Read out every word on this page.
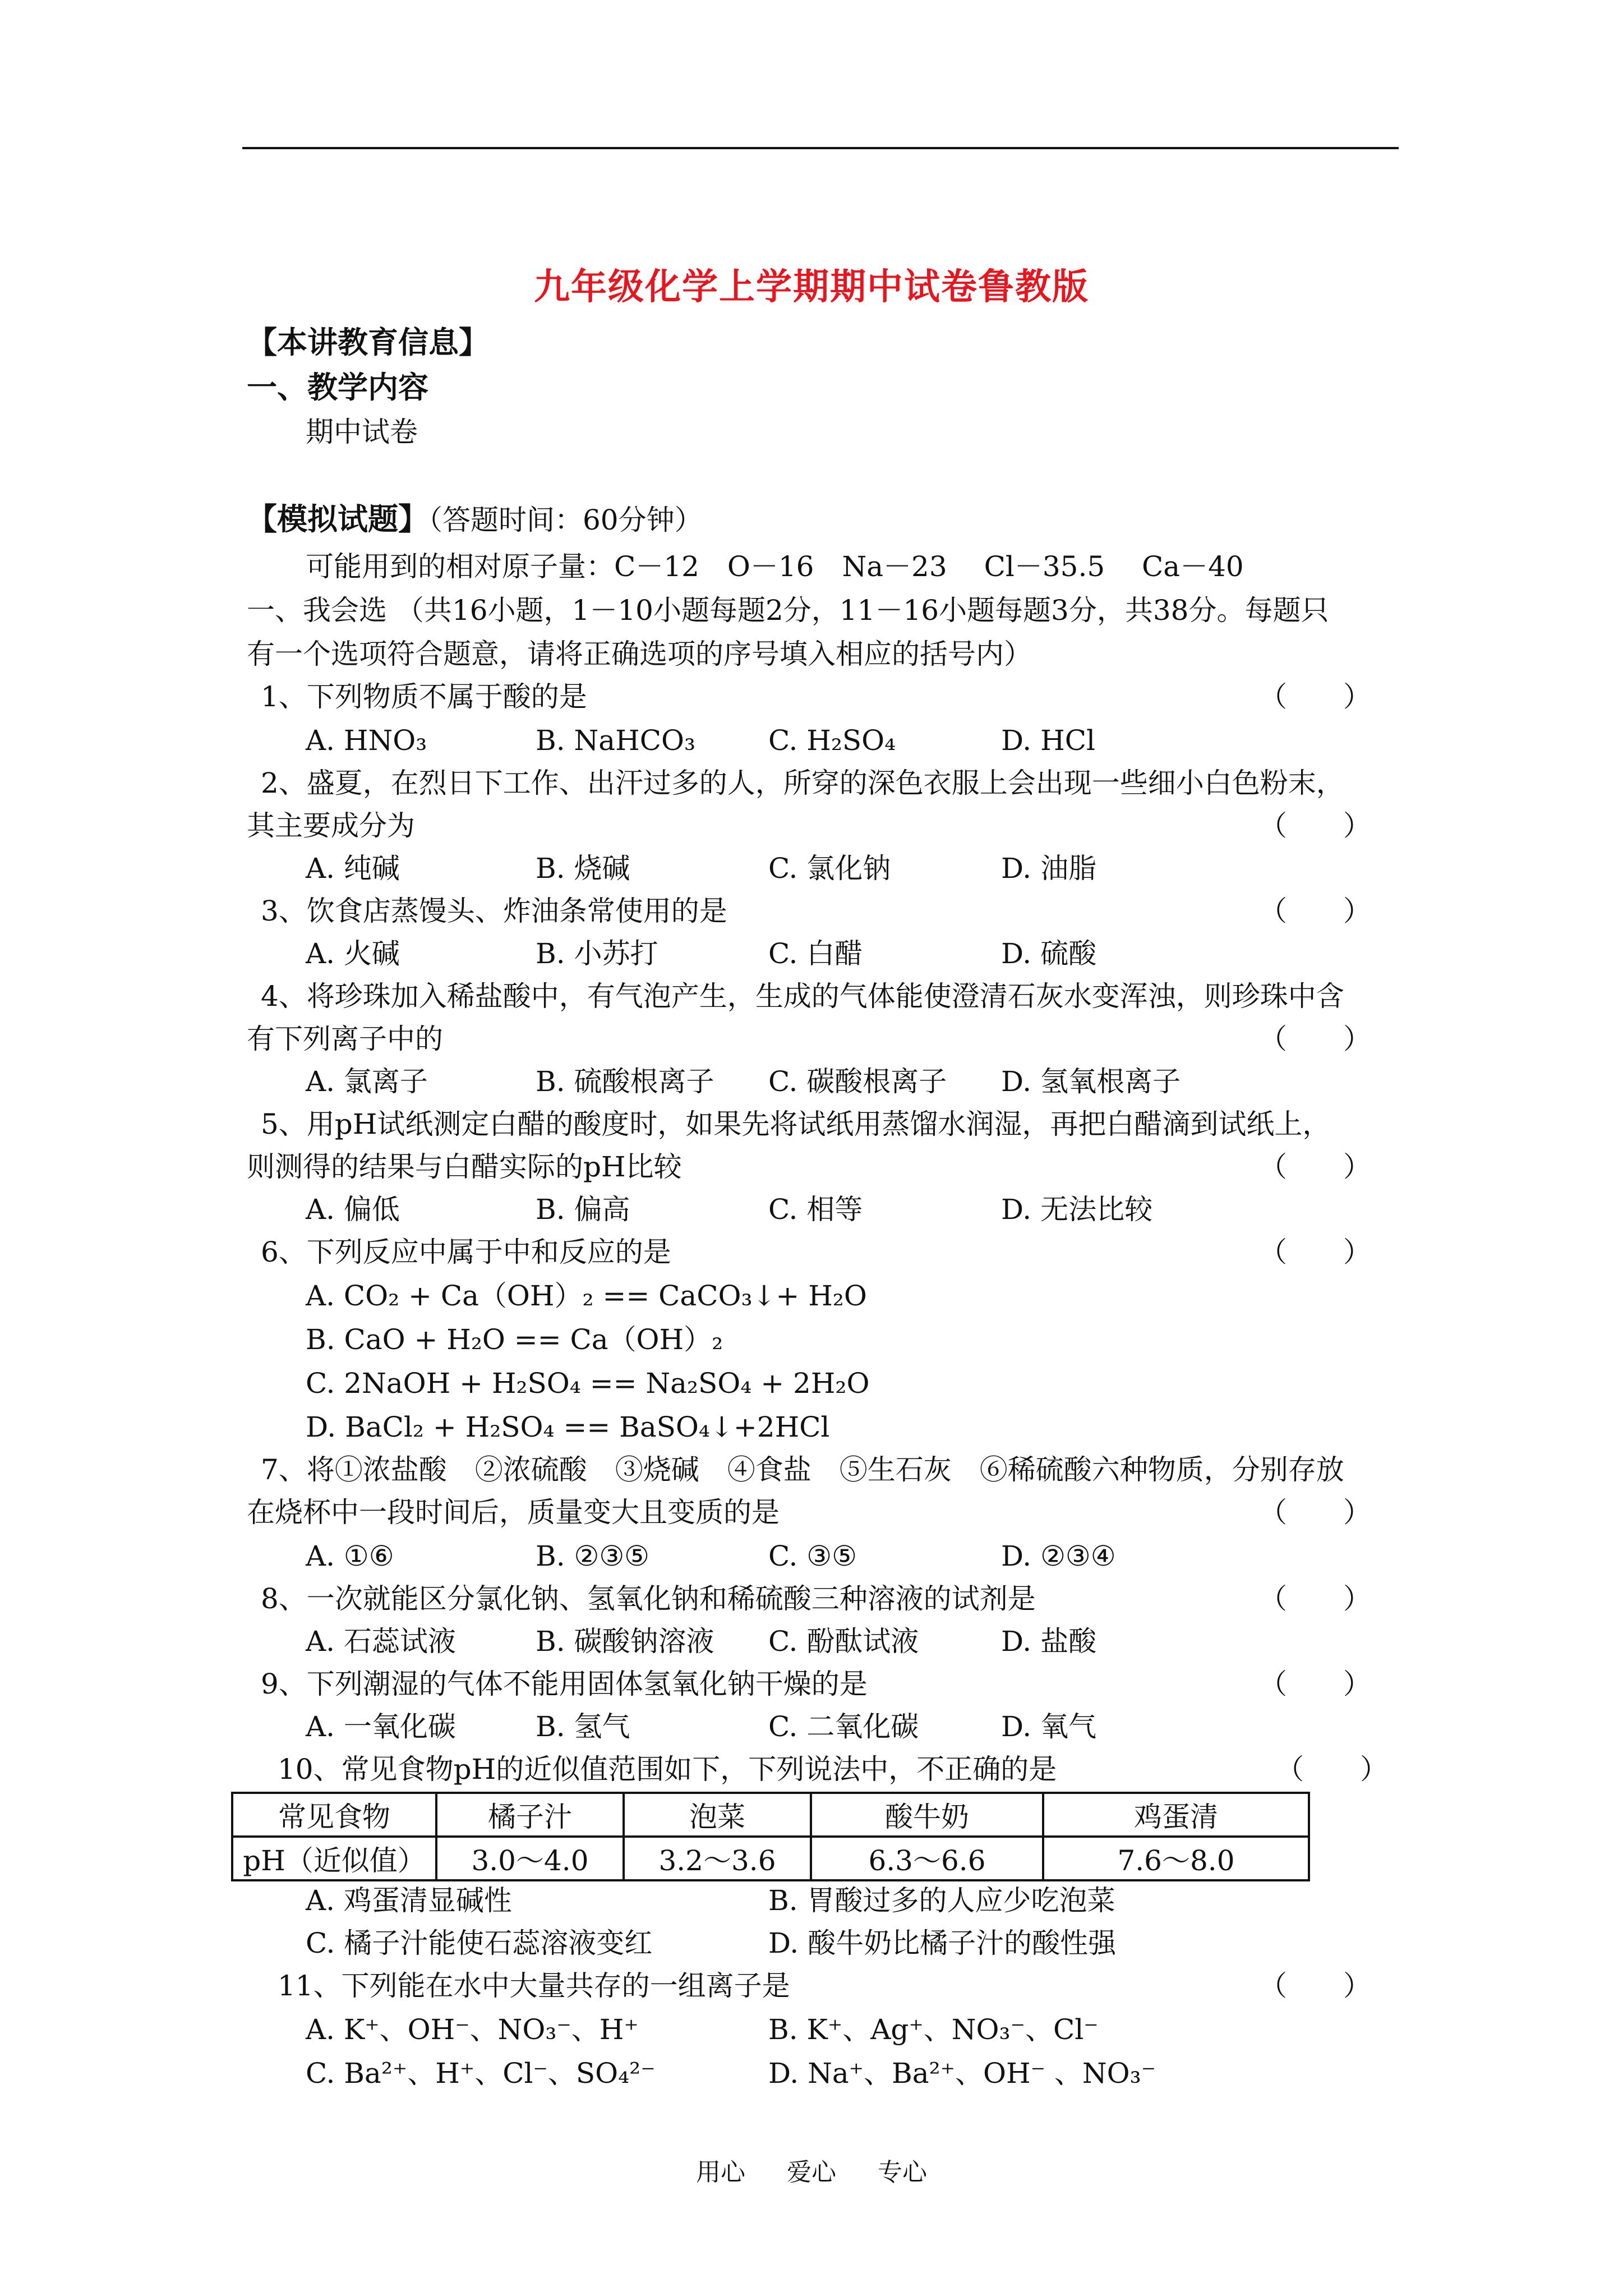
九年级化学上学期期中试卷鲁教版
【本讲教育信息】
一、教学内容
期中试卷
【模拟试题】（答题时间：60分钟）
可能用到的相对原子量：C－12　O－16　Na－23　 Cl－35.5　 Ca－40
一、我会选 （共16小题，1－10小题每题2分，11－16小题每题3分，共38分。每题只
有一个选项符合题意，请将正确选项的序号填入相应的括号内）
1、下列物质不属于酸的是	（　　）
A. HNO₃	B. NaHCO₃	C. H₂SO₄	D. HCl
2、盛夏，在烈日下工作、出汗过多的人，所穿的深色衣服上会出现一些细小白色粉末，
其主要成分为	（　　）
A. 纯碱	B. 烧碱	C. 氯化钠	D. 油脂
3、饮食店蒸馒头、炸油条常使用的是	（　　）
A. 火碱	B. 小苏打	C. 白醋	D. 硫酸
4、将珍珠加入稀盐酸中，有气泡产生，生成的气体能使澄清石灰水变浑浊，则珍珠中含
有下列离子中的	（　　）
A. 氯离子	B. 硫酸根离子 C. 碳酸根离子 D. 氢氧根离子
5、用pH试纸测定白醋的酸度时，如果先将试纸用蒸馏水润湿，再把白醋滴到试纸上，
则测得的结果与白醋实际的pH比较	（　　）
A. 偏低	B. 偏高	C. 相等	D. 无法比较
6、下列反应中属于中和反应的是	（　　）
A. CO₂ + Ca（OH）₂ == CaCO₃↓+ H₂O
B. CaO + H₂O == Ca（OH）₂
C. 2NaOH + H₂SO₄ == Na₂SO₄ + 2H₂O
D. BaCl₂ + H₂SO₄ == BaSO₄↓+2HCl
7、将①浓盐酸　②浓硫酸　③烧碱　④食盐　⑤生石灰　⑥稀硫酸六种物质，分别存放
在烧杯中一段时间后，质量变大且变质的是	（　　）
A. ①⑥	B. ②③⑤	C. ③⑤	D. ②③④
8、一次就能区分氯化钠、氢氧化钠和稀硫酸三种溶液的试剂是	（　　）
A. 石蕊试液	B. 碳酸钠溶液 C. 酚酞试液	D. 盐酸
9、下列潮湿的气体不能用固体氢氧化钠干燥的是	（　　）
A. 一氧化碳	B. 氢气	C. 二氧化碳	D. 氧气
10、常见食物pH的近似值范围如下，下列说法中，不正确的是	（　　）
常见食物	橘子汁	泡菜	酸牛奶	鸡蛋清
pH（近似值）	3.0～4.0	3.2～3.6	6.3～6.6	7.6～8.0
A. 鸡蛋清显碱性	B. 胃酸过多的人应少吃泡菜
C. 橘子汁能使石蕊溶液变红	D. 酸牛奶比橘子汁的酸性强
11、下列能在水中大量共存的一组离子是	（　　）
A. K⁺、OH⁻、NO₃⁻、H⁺	B. K⁺、Ag⁺、NO₃⁻、Cl⁻
C. Ba²⁺、H⁺、Cl⁻、SO₄²⁻	D. Na⁺、Ba²⁺、OH⁻ 、NO₃⁻
用心 爱心 专心
